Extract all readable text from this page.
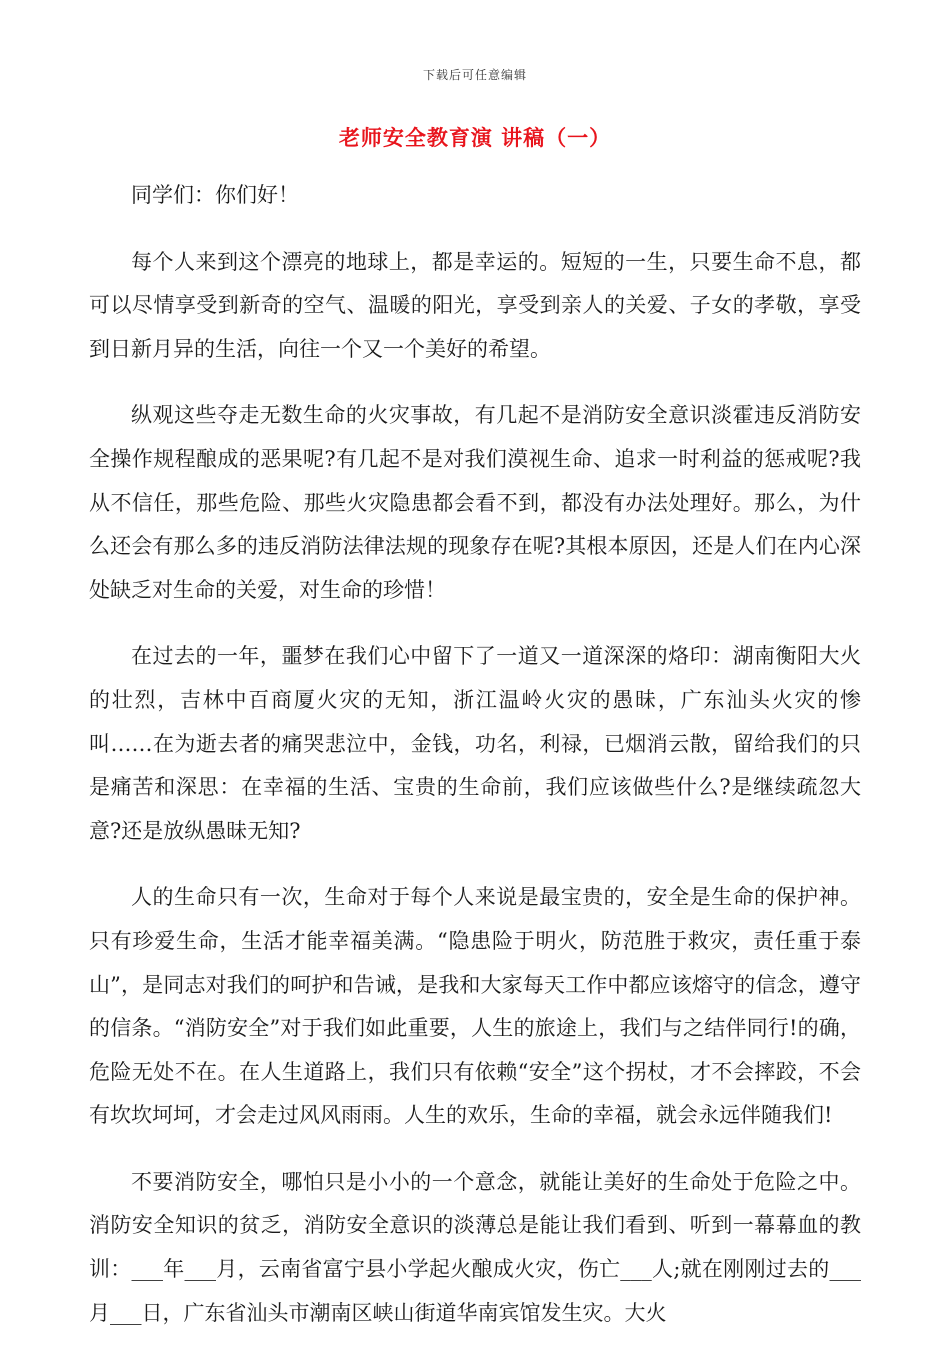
下载后可任意编辑
老师安全教育演 讲稿（一）

同学们：你们好！

每个人来到这个漂亮的地球上，都是幸运的。短短的一生，只要生命不息，都可以尽情享受到新奇的空气、温暖的阳光，享受到亲人的关爱、子女的孝敬，享受到日新月异的生活，向往一个又一个美好的希望。

纵观这些夺走无数生命的火灾事故，有几起不是消防安全意识淡霍违反消防安全操作规程酿成的恶果呢?有几起不是对我们漠视生命、追求一时利益的惩戒呢?我从不信任，那些危险、那些火灾隐患都会看不到，都没有办法处理好。那么，为什么还会有那么多的违反消防法律法规的现象存在呢?其根本原因，还是人们在内心深处缺乏对生命的关爱，对生命的珍惜！

在过去的一年，噩梦在我们心中留下了一道又一道深深的烙印：湖南衡阳大火的壮烈，吉林中百商厦火灾的无知，浙江温岭火灾的愚昧，广东汕头火灾的惨叫……在为逝去者的痛哭悲泣中，金钱，功名，利禄，已烟消云散，留给我们的只是痛苦和深思：在幸福的生活、宝贵的生命前，我们应该做些什么?是继续疏忽大意?还是放纵愚昧无知?

人的生命只有一次，生命对于每个人来说是最宝贵的，安全是生命的保护神。只有珍爱生命，生活才能幸福美满。“隐患险于明火，防范胜于救灾，责任重于泰山”，是同志对我们的呵护和告诫，是我和大家每天工作中都应该熔守的信念，遵守的信条。“消防安全”对于我们如此重要，人生的旅途上，我们与之结伴同行!的确，危险无处不在。在人生道路上，我们只有依赖“安全”这个拐杖，才不会摔跤，不会有坎坎坷坷，才会走过风风雨雨。人生的欢乐，生命的幸福，就会永远伴随我们!

不要消防安全，哪怕只是小小的一个意念，就能让美好的生命处于危险之中。消防安全知识的贫乏，消防安全意识的淡薄总是能让我们看到、听到一幕幕血的教训：___年___月，云南省富宁县小学起火酿成火灾，伤亡___人;就在刚刚过去的___月___日，广东省汕头市潮南区峡山街道华南宾馆发生灾。大火
